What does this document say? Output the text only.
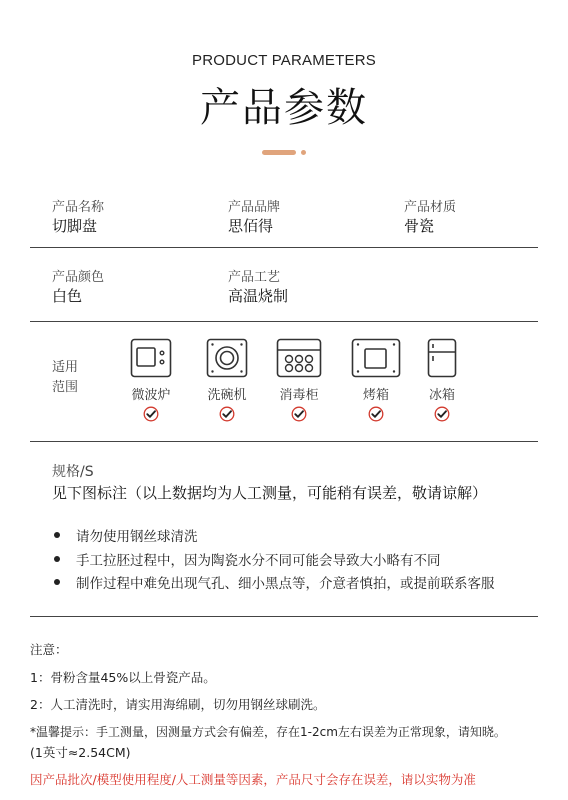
PRODUCT PARAMETERS
产品参数
产品名称
切脚盘
产品品牌
思佰得
产品材质
骨瓷
产品颜色
白色
产品工艺
高温烧制
适用
范围
微波炉	洗碗机	消毒柜	烤箱	冰箱
规格/S
见下图标注（以上数据均为人工测量，可能稍有误差，敬请谅解）
请勿使用钢丝球清洗
手工拉胚过程中，因为陶瓷水分不同可能会导致大小略有不同
制作过程中难免出现气孔、细小黑点等，介意者慎拍，或提前联系客服
注意：
1：骨粉含量45%以上骨瓷产品。
2：人工清洗时，请实用海绵刷，切勿用钢丝球刷洗。
*温馨提示：手工测量，因测量方式会有偏差，存在1-2cm左右误差为正常现象，请知晓。
(1英寸≈2.54CM)
因产品批次/模型使用程度/人工测量等因素，产品尺寸会存在误差，请以实物为准
